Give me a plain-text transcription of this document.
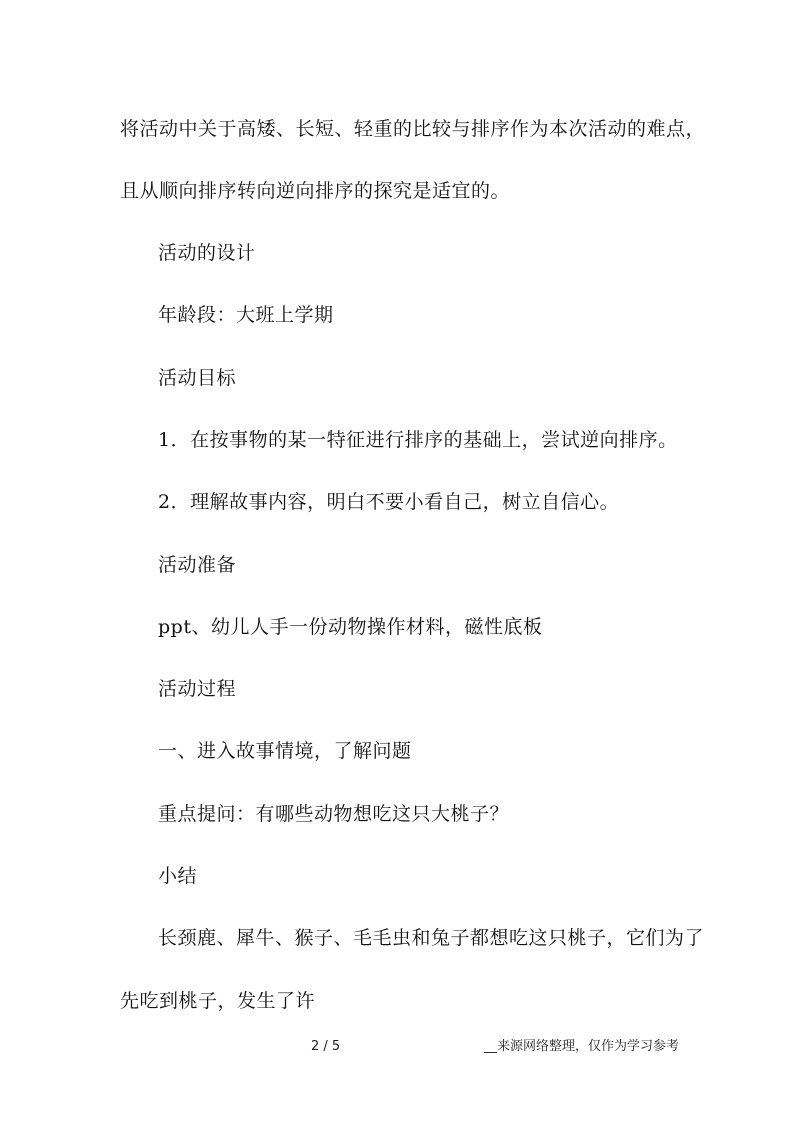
将活动中关于高矮、长短、轻重的比较与排序作为本次活动的难点，
且从顺向排序转向逆向排序的探究是适宜的。
活动的设计
年龄段：大班上学期
活动目标
1．在按事物的某一特征进行排序的基础上，尝试逆向排序。
2．理解故事内容，明白不要小看自己，树立自信心。
活动准备
ppt、幼儿人手一份动物操作材料，磁性底板
活动过程
一、进入故事情境，了解问题
重点提问：有哪些动物想吃这只大桃子？
小结
长颈鹿、犀牛、猴子、毛毛虫和兔子都想吃这只桃子，它们为了
先吃到桃子，发生了许
2 / 5	__来源网络整理，仅作为学习参考
